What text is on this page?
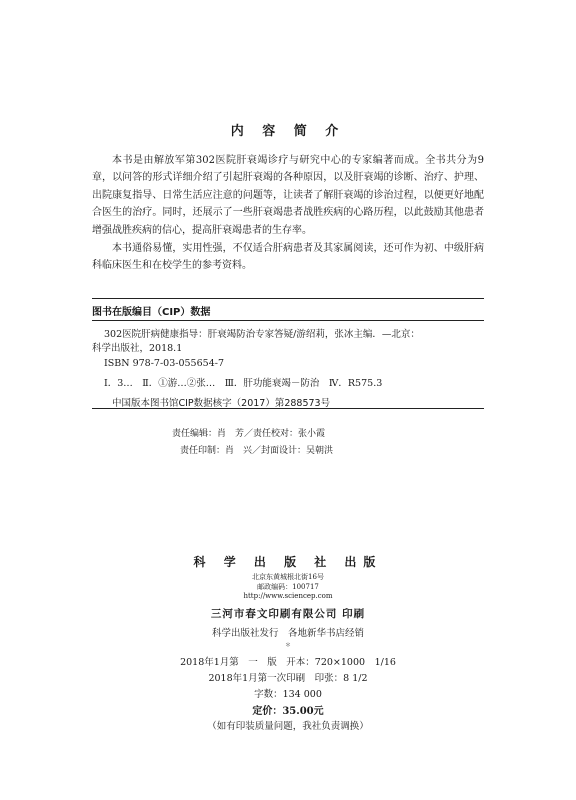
内 容 简 介
本书是由解放军第302医院肝衰竭诊疗与研究中心的专家编著而成。全书共分为9章，以问答的形式详细介绍了引起肝衰竭的各种原因，以及肝衰竭的诊断、治疗、护理、出院康复指导、日常生活应注意的问题等，让读者了解肝衰竭的诊治过程，以便更好地配合医生的治疗。同时，还展示了一些肝衰竭患者战胜疾病的心路历程，以此鼓励其他患者增强战胜疾病的信心，提高肝衰竭患者的生存率。
本书通俗易懂，实用性强，不仅适合肝病患者及其家属阅读，还可作为初、中级肝病科临床医生和在校学生的参考资料。
图书在版编目（CIP）数据
302医院肝病健康指导：肝衰竭防治专家答疑/游绍莉，张冰主编．—北京：
科学出版社，2018.1
ISBN 978-7-03-055654-7
Ⅰ．3…　Ⅱ．①游…②张…　Ⅲ．肝功能衰竭－防治　Ⅳ．R575.3
中国版本图书馆CIP数据核字（2017）第288573号
责任编辑：肖　芳／责任校对：张小霞
责任印制：肖　兴／封面设计：吴朝洪
科 学 出 版 社 出版
北京东黄城根北街16号
邮政编码：100717
http://www.sciencep.com
三河市春文印刷有限公司 印刷
科学出版社发行　各地新华书店经销
＊
2018年1月第　一　版　开本：720×1000　1/16
2018年1月第一次印刷　印张：8 1/2
字数：134 000
定价：35.00元
（如有印装质量问题，我社负责调换）
